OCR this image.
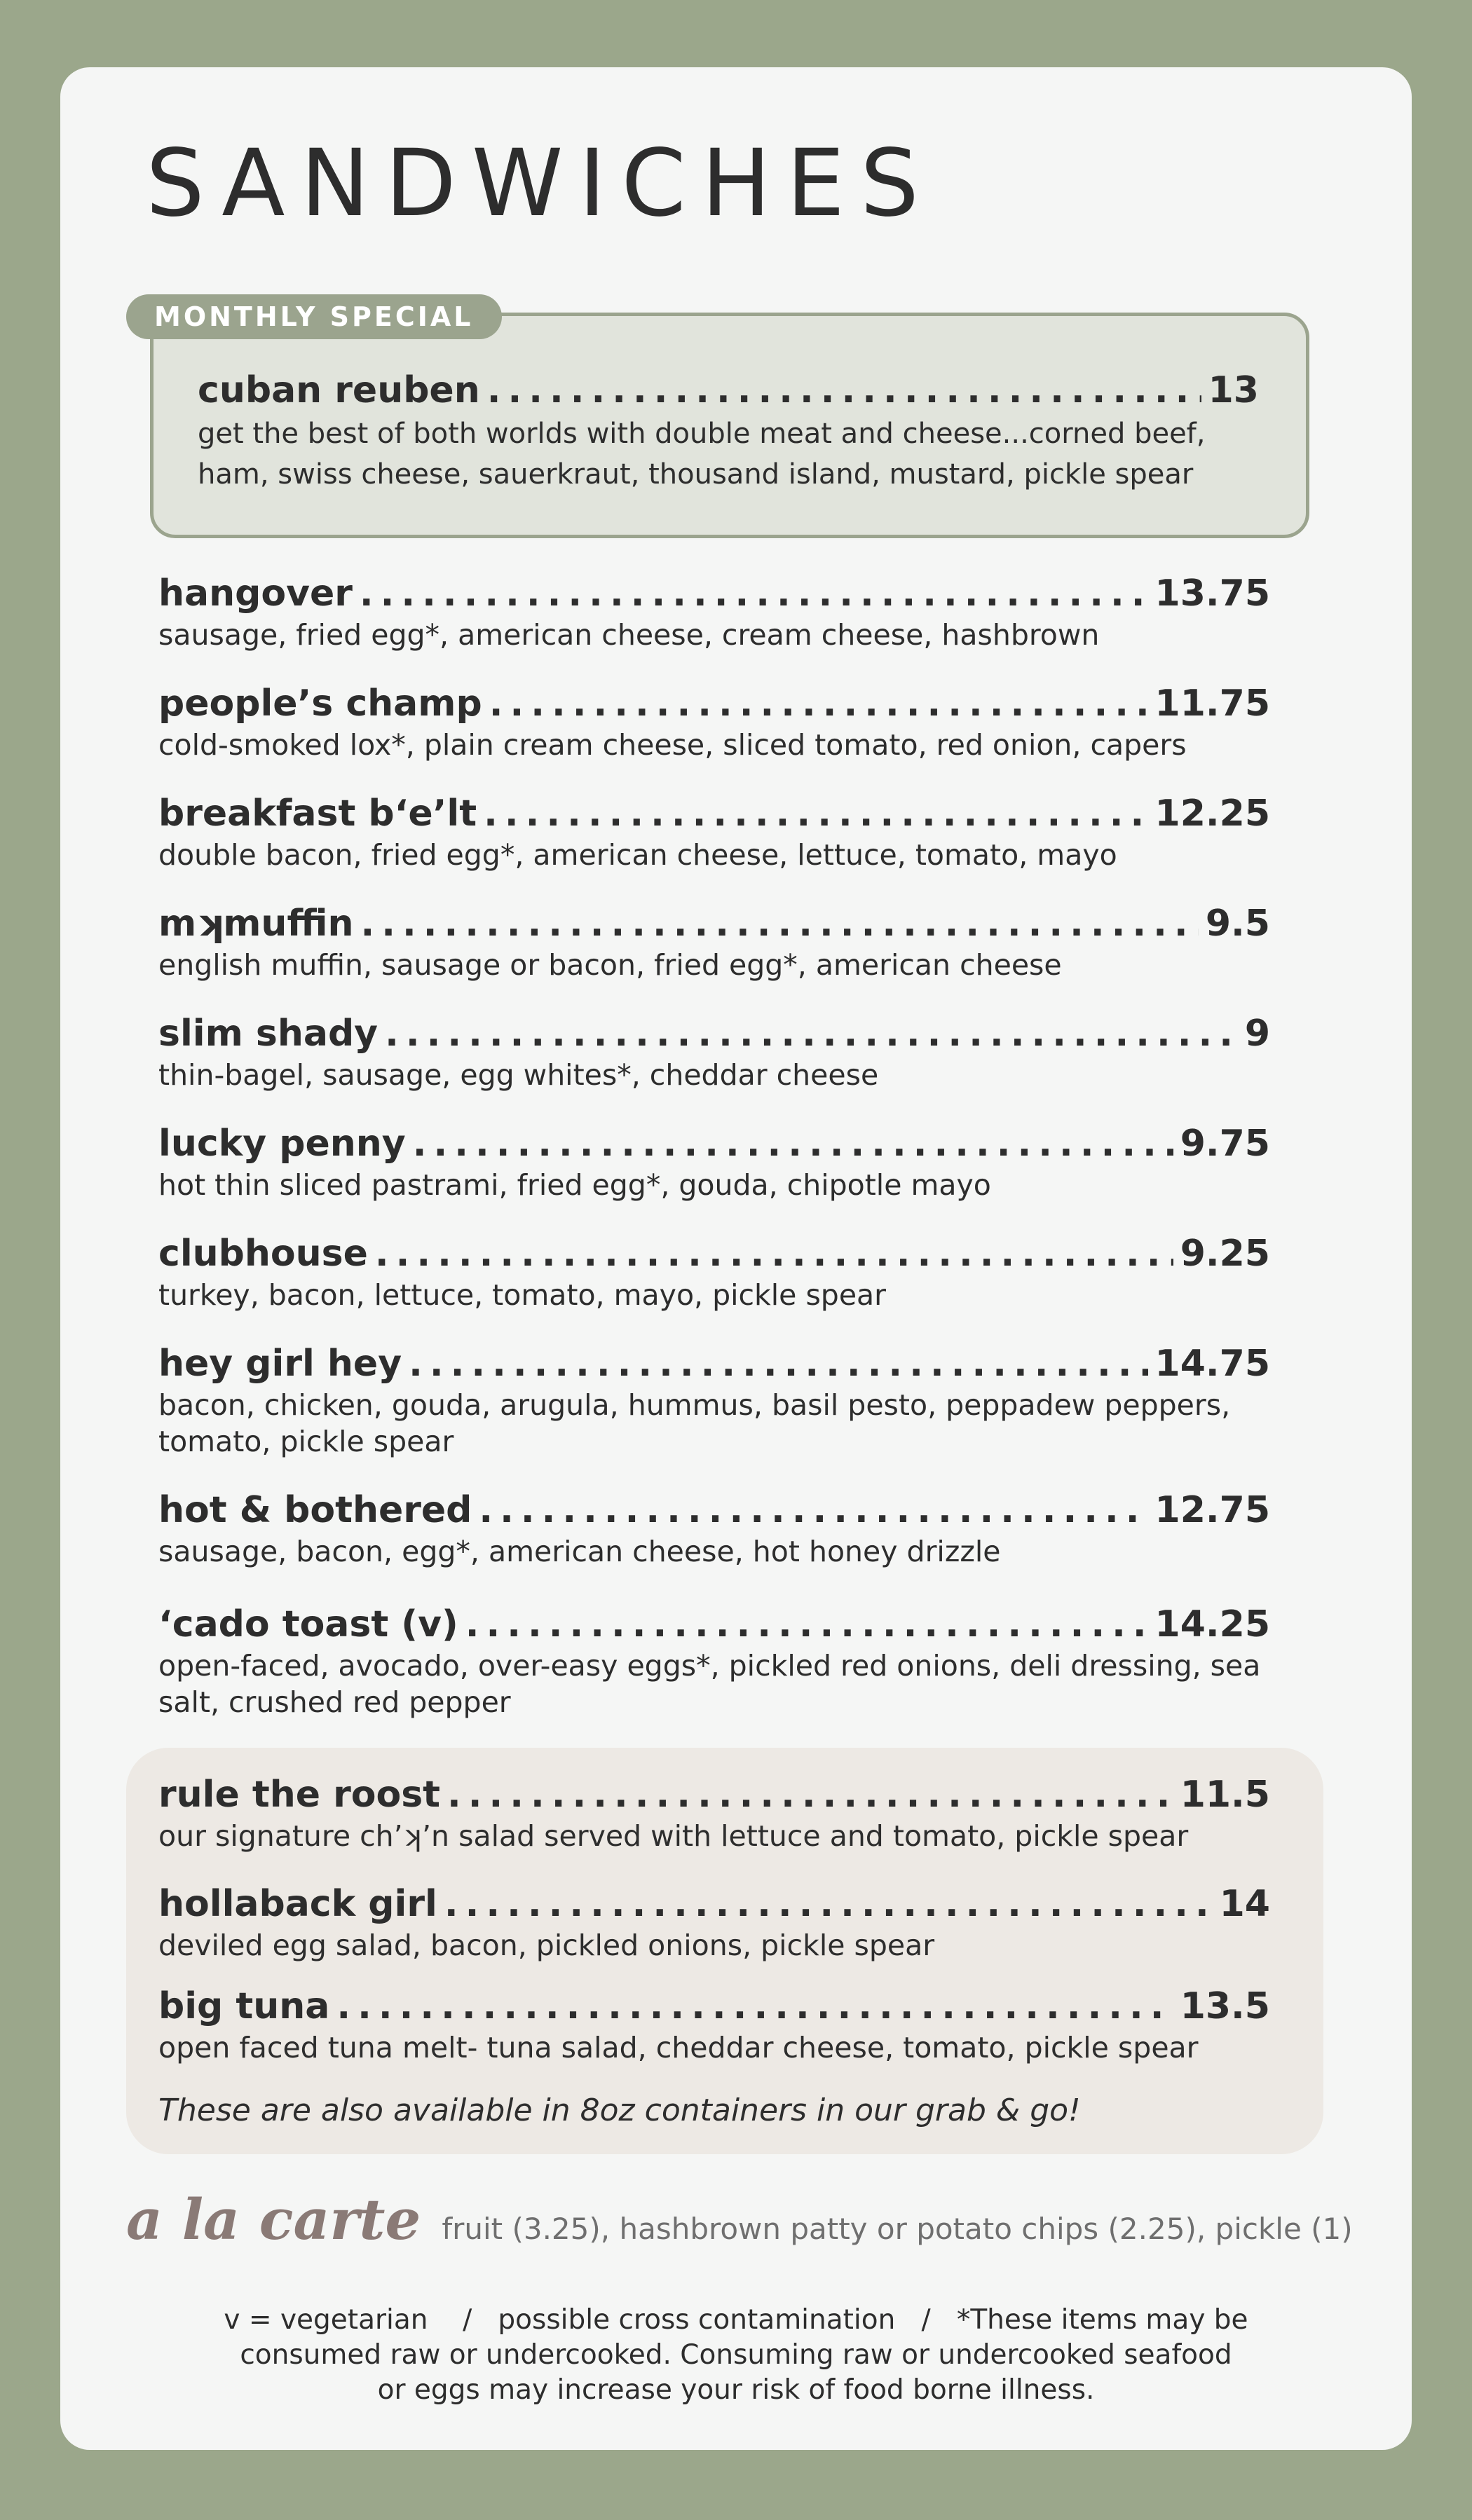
SANDWICHES
MONTHLY SPECIAL
cuban reuben .....	13
get the best of both worlds with double meat and cheese...corned beef, ham, swiss cheese, sauerkraut, thousand island, mustard, pickle spear
hangover .....	13.75
sausage, fried egg*, american cheese, cream cheese, hashbrown
people’s champ .....	11.75
cold-smoked lox*, plain cream cheese, sliced tomato, red onion, capers
breakfast b‘e’lt .....	12.25
double bacon, fried egg*, american cheese, lettuce, tomato, mayo
mʞmuffin .....	9.5
english muffin, sausage or bacon, fried egg*, american cheese
slim shady .....	9
thin-bagel, sausage, egg whites*, cheddar cheese
lucky penny .....	9.75
hot thin sliced pastrami, fried egg*, gouda, chipotle mayo
clubhouse .....	9.25
turkey, bacon, lettuce, tomato, mayo, pickle spear
hey girl hey .....	14.75
bacon, chicken, gouda, arugula, hummus, basil pesto, peppadew peppers, tomato, pickle spear
hot & bothered .....	12.75
sausage, bacon, egg*, american cheese, hot honey drizzle
‘cado toast (v) .....	14.25
open-faced, avocado, over-easy eggs*, pickled red onions, deli dressing, sea salt, crushed red pepper
rule the roost .....	11.5
our signature ch’ʞ’n salad served with lettuce and tomato, pickle spear
hollaback girl .....	14
deviled egg salad, bacon, pickled onions, pickle spear
big tuna .....	13.5
open faced tuna melt- tuna salad, cheddar cheese, tomato, pickle spear
These are also available in 8oz containers in our grab & go!
a la carte fruit (3.25), hashbrown patty or potato chips (2.25), pickle (1)
v = vegetarian    /   possible cross contamination   /   *These items may be
consumed raw or undercooked. Consuming raw or undercooked seafood
or eggs may increase your risk of food borne illness.
